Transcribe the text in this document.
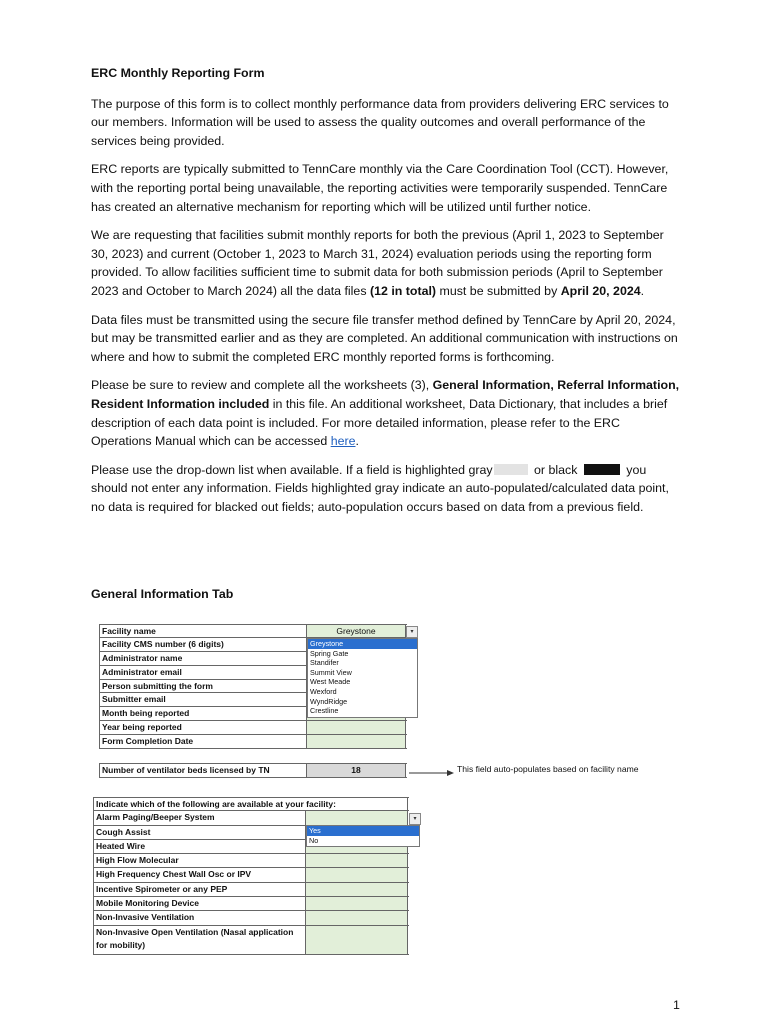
ERC Monthly Reporting Form

The purpose of this form is to collect monthly performance data from providers delivering ERC services to our members. Information will be used to assess the quality outcomes and overall performance of the services being provided.

ERC reports are typically submitted to TennCare monthly via the Care Coordination Tool (CCT). However, with the reporting portal being unavailable, the reporting activities were temporarily suspended. TennCare has created an alternative mechanism for reporting which will be utilized until further notice.

We are requesting that facilities submit monthly reports for both the previous (April 1, 2023 to September 30, 2023) and current (October 1, 2023 to March 31, 2024) evaluation periods using the reporting form provided. To allow facilities sufficient time to submit data for both submission periods (April to September 2023 and October to March 2024) all the data files (12 in total) must be submitted by April 20, 2024.

Data files must be transmitted using the secure file transfer method defined by TennCare by April 20, 2024, but may be transmitted earlier and as they are completed. An additional communication with instructions on where and how to submit the completed ERC monthly reported forms is forthcoming.

Please be sure to review and complete all the worksheets (3), General Information, Referral Information, Resident Information included in this file. An additional worksheet, Data Dictionary, that includes a brief description of each data point is included. For more detailed information, please refer to the ERC Operations Manual which can be accessed here.

Please use the drop-down list when available. If a field is highlighted gray	or black	you should not enter any information. Fields highlighted gray indicate an auto-populated/calculated data point, no data is required for blacked out fields; auto-population occurs based on data from a previous field.

General Information Tab
Facility name	Greystone
Facility CMS number (6 digits)
Administrator name
Administrator email
Person submitting the form
Submitter email
Month being reported
Year being reported
Form Completion Date
▾
Greystone
Spring Gate
Standifer
Summit View
West Meade
Wexford
WyndRidge
Crestline
Number of ventilator beds licensed by TN	18	This field auto-populates based on facility name
Indicate which of the following are available at your facility:
Alarm Paging/Beeper System
Cough Assist
Heated Wire
High Flow Molecular
High Frequency Chest Wall Osc or IPV
Incentive Spirometer or any PEP
Mobile Monitoring Device
Non-Invasive Ventilation
Non-Invasive Open Ventilation (Nasal application for mobility)
▾
Yes
No
1
